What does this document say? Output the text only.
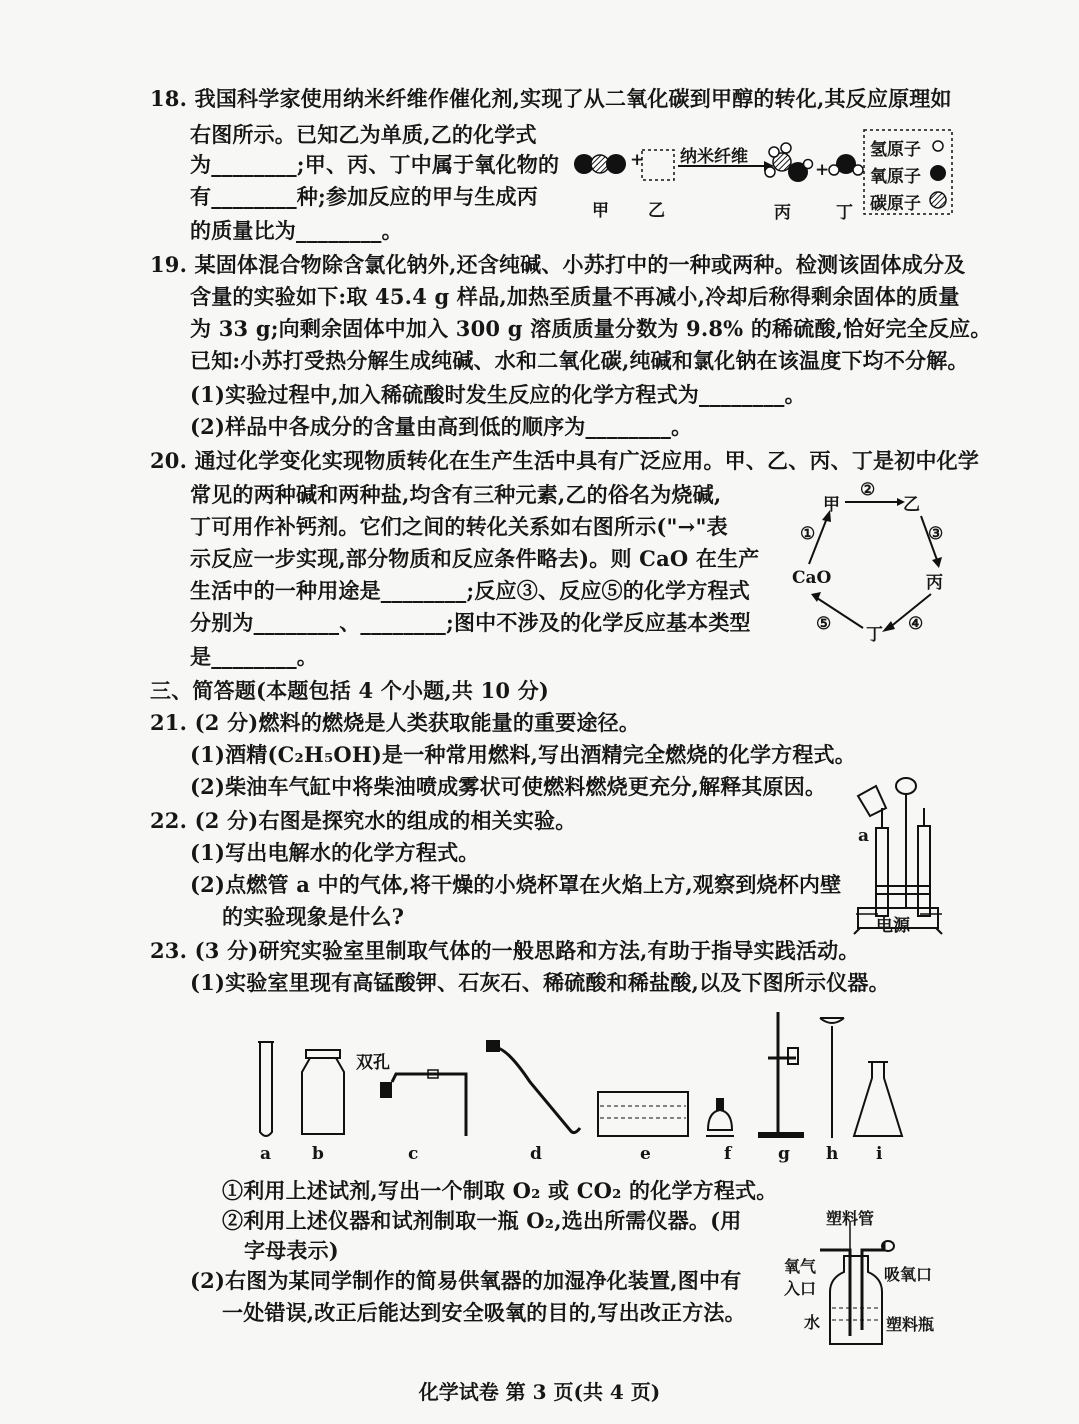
18. 我国科学家使用纳米纤维作催化剂,实现了从二氧化碳到甲醇的转化,其反应原理如
右图所示。已知乙为单质,乙的化学式
为________;甲、丙、丁中属于氧化物的
有________种;参加反应的甲与生成丙
的质量比为________。
+	+
纳米纤维
甲 乙	丙	丁
氢原子
氧原子
碳原子
19. 某固体混合物除含氯化钠外,还含纯碱、小苏打中的一种或两种。检测该固体成分及
含量的实验如下:取 45.4 g 样品,加热至质量不再减小,冷却后称得剩余固体的质量
为 33 g;向剩余固体中加入 300 g 溶质质量分数为 9.8% 的稀硫酸,恰好完全反应。
已知:小苏打受热分解生成纯碱、水和二氧化碳,纯碱和氯化钠在该温度下均不分解。
(1)实验过程中,加入稀硫酸时发生反应的化学方程式为________。
(2)样品中各成分的含量由高到低的顺序为________。
20. 通过化学变化实现物质转化在生产生活中具有广泛应用。甲、乙、丙、丁是初中化学
常见的两种碱和两种盐,均含有三种元素,乙的俗名为烧碱,
丁可用作补钙剂。它们之间的转化关系如右图所示("→"表
示反应一步实现,部分物质和反应条件略去)。则 CaO 在生产
生活中的一种用途是________;反应③、反应⑤的化学方程式
分别为________、________;图中不涉及的化学反应基本类型
是________。
甲	乙
丙
丁
CaO
②
①	③
④
⑤
三、简答题(本题包括 4 个小题,共 10 分)
21. (2 分)燃料的燃烧是人类获取能量的重要途径。
(1)酒精(C₂H₅OH)是一种常用燃料,写出酒精完全燃烧的化学方程式。
(2)柴油车气缸中将柴油喷成雾状可使燃料燃烧更充分,解释其原因。
22. (2 分)右图是探究水的组成的相关实验。
(1)写出电解水的化学方程式。
(2)点燃管 a 中的气体,将干燥的小烧杯罩在火焰上方,观察到烧杯内壁
的实验现象是什么?
a
电源
23. (3 分)研究实验室里制取气体的一般思路和方法,有助于指导实践活动。
(1)实验室里现有高锰酸钾、石灰石、稀硫酸和稀盐酸,以及下图所示仪器。
双孔
a b	c	d	e	f	g h i
①利用上述试剂,写出一个制取 O₂ 或 CO₂ 的化学方程式。
②利用上述仪器和试剂制取一瓶 O₂,选出所需仪器。(用
字母表示)
(2)右图为某同学制作的简易供氧器的加湿净化装置,图中有
一处错误,改正后能达到安全吸氧的目的,写出改正方法。
塑料管
氧气
入口
吸氧口
水	塑料瓶
化学试卷 第 3 页(共 4 页)
